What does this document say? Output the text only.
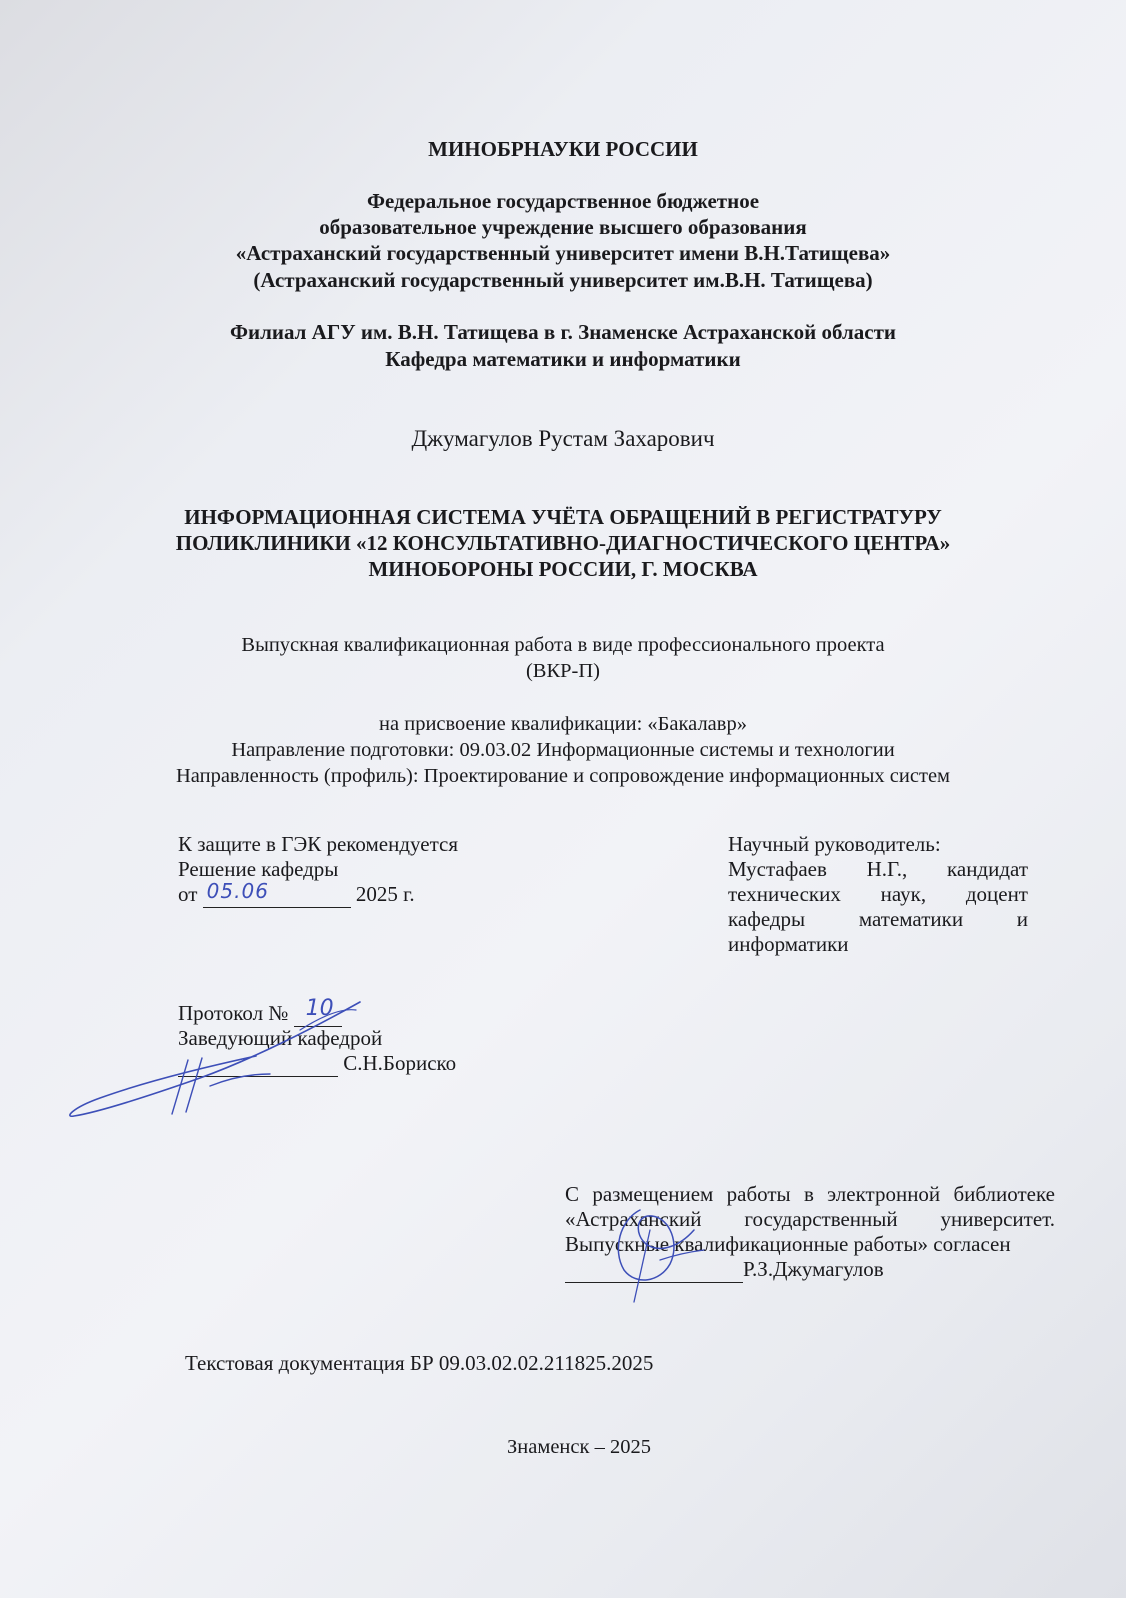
МИНОБРНАУКИ РОССИИ
Федеральное государственное бюджетное
образовательное учреждение высшего образования
«Астраханский государственный университет имени В.Н.Татищева»
(Астраханский государственный университет им.В.Н. Татищева)
Филиал АГУ им. В.Н. Татищева в г. Знаменске Астраханской области
Кафедра математики и информатики
Джумагулов Рустам Захарович
ИНФОРМАЦИОННАЯ СИСТЕМА УЧЁТА ОБРАЩЕНИЙ В РЕГИСТРАТУРУ
ПОЛИКЛИНИКИ «12 КОНСУЛЬТАТИВНО-ДИАГНОСТИЧЕСКОГО ЦЕНТРА»
МИНОБОРОНЫ РОССИИ, Г. МОСКВА
Выпускная квалификационная работа в виде профессионального проекта
(ВКР-П)
на присвоение квалификации: «Бакалавр»
Направление подготовки: 09.03.02 Информационные системы и технологии
Направленность (профиль): Проектирование и сопровождение информационных систем
К защите в ГЭК рекомендуется
Решение кафедры
от 05.06	2025 г.
Протокол № 10

Заведующий кафедрой
С.Н.Бориско
Научный руководитель:
Мустафаев Н.Г., кандидат
технических наук, доцент
кафедры	математики	и
информатики
С размещением работы в электронной библиотеке
«Астраханский государственный университет.
Выпускные квалификационные работы» согласен
Р.З.Джумагулов
Текстовая документация БР 09.03.02.02.211825.2025
Знаменск – 2025
